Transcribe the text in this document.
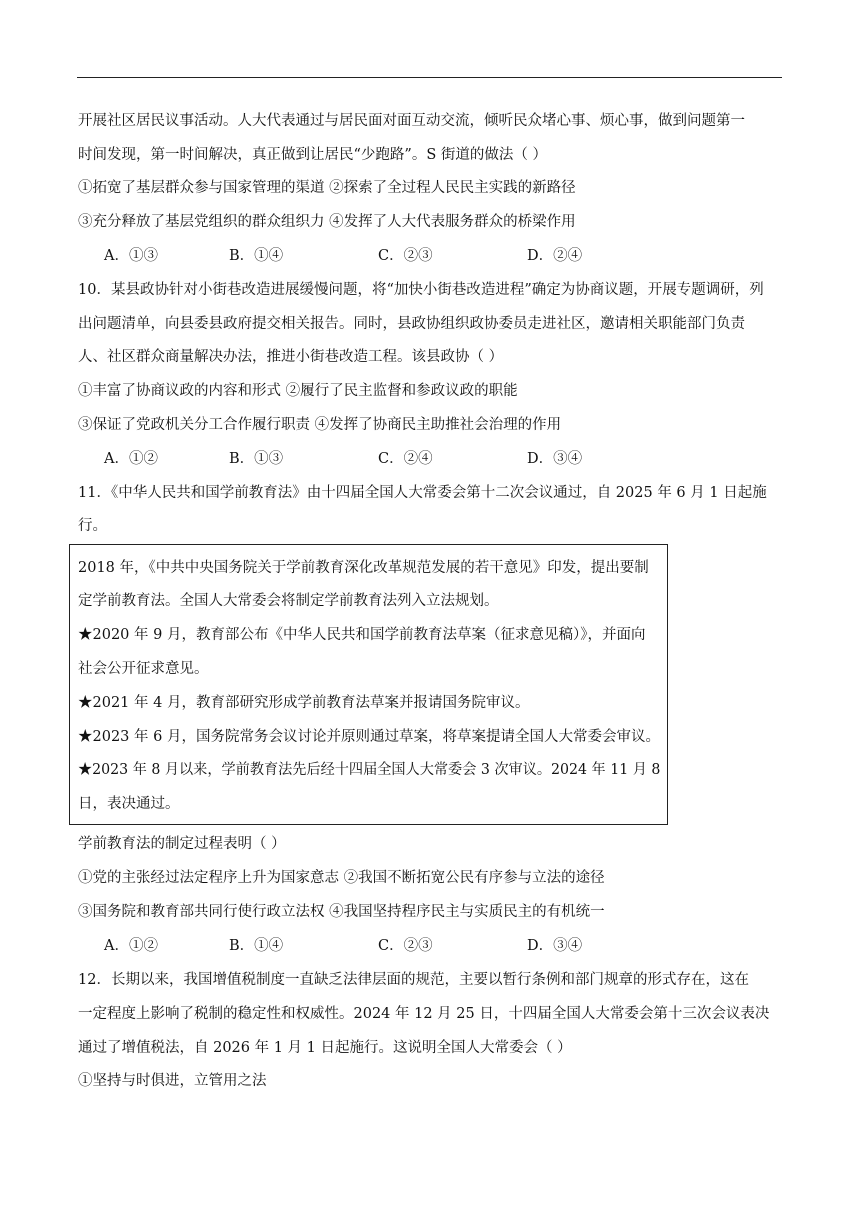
开展社区居民议事活动。人大代表通过与居民面对面互动交流，倾听民众堵心事、烦心事，做到问题第一
时间发现，第一时间解决，真正做到让居民“少跑路”。S 街道的做法（ ）
①拓宽了基层群众参与国家管理的渠道 ②探索了全过程人民民主实践的新路径
③充分释放了基层党组织的群众组织力 ④发挥了人大代表服务群众的桥梁作用
A．①③	B．①④	C．②③	D．②④
10．某县政协针对小街巷改造进展缓慢问题，将“加快小街巷改造进程”确定为协商议题，开展专题调研，列
出问题清单，向县委县政府提交相关报告。同时，县政协组织政协委员走进社区，邀请相关职能部门负责
人、社区群众商量解决办法，推进小街巷改造工程。该县政协（ ）
①丰富了协商议政的内容和形式 ②履行了民主监督和参政议政的职能
③保证了党政机关分工合作履行职责 ④发挥了协商民主助推社会治理的作用
A．①②	B．①③	C．②④	D．③④
11．《中华人民共和国学前教育法》由十四届全国人大常委会第十二次会议通过，自 2025 年 6 月 1 日起施
行。
2018 年，《中共中央国务院关于学前教育深化改革规范发展的若干意见》印发，提出要制
定学前教育法。全国人大常委会将制定学前教育法列入立法规划。
★2020 年 9 月，教育部公布《中华人民共和国学前教育法草案（征求意见稿）》，并面向
社会公开征求意见。
★2021 年 4 月，教育部研究形成学前教育法草案并报请国务院审议。
★2023 年 6 月，国务院常务会议讨论并原则通过草案，将草案提请全国人大常委会审议。
★2023 年 8 月以来，学前教育法先后经十四届全国人大常委会 3 次审议。2024 年 11 月 8
日，表决通过。
学前教育法的制定过程表明（ ）
①党的主张经过法定程序上升为国家意志 ②我国不断拓宽公民有序参与立法的途径
③国务院和教育部共同行使行政立法权 ④我国坚持程序民主与实质民主的有机统一
A．①②	B．①④	C．②③	D．③④
12．长期以来，我国增值税制度一直缺乏法律层面的规范，主要以暂行条例和部门规章的形式存在，这在
一定程度上影响了税制的稳定性和权威性。2024 年 12 月 25 日，十四届全国人大常委会第十三次会议表决
通过了增值税法，自 2026 年 1 月 1 日起施行。这说明全国人大常委会（ ）
①坚持与时俱进，立管用之法
